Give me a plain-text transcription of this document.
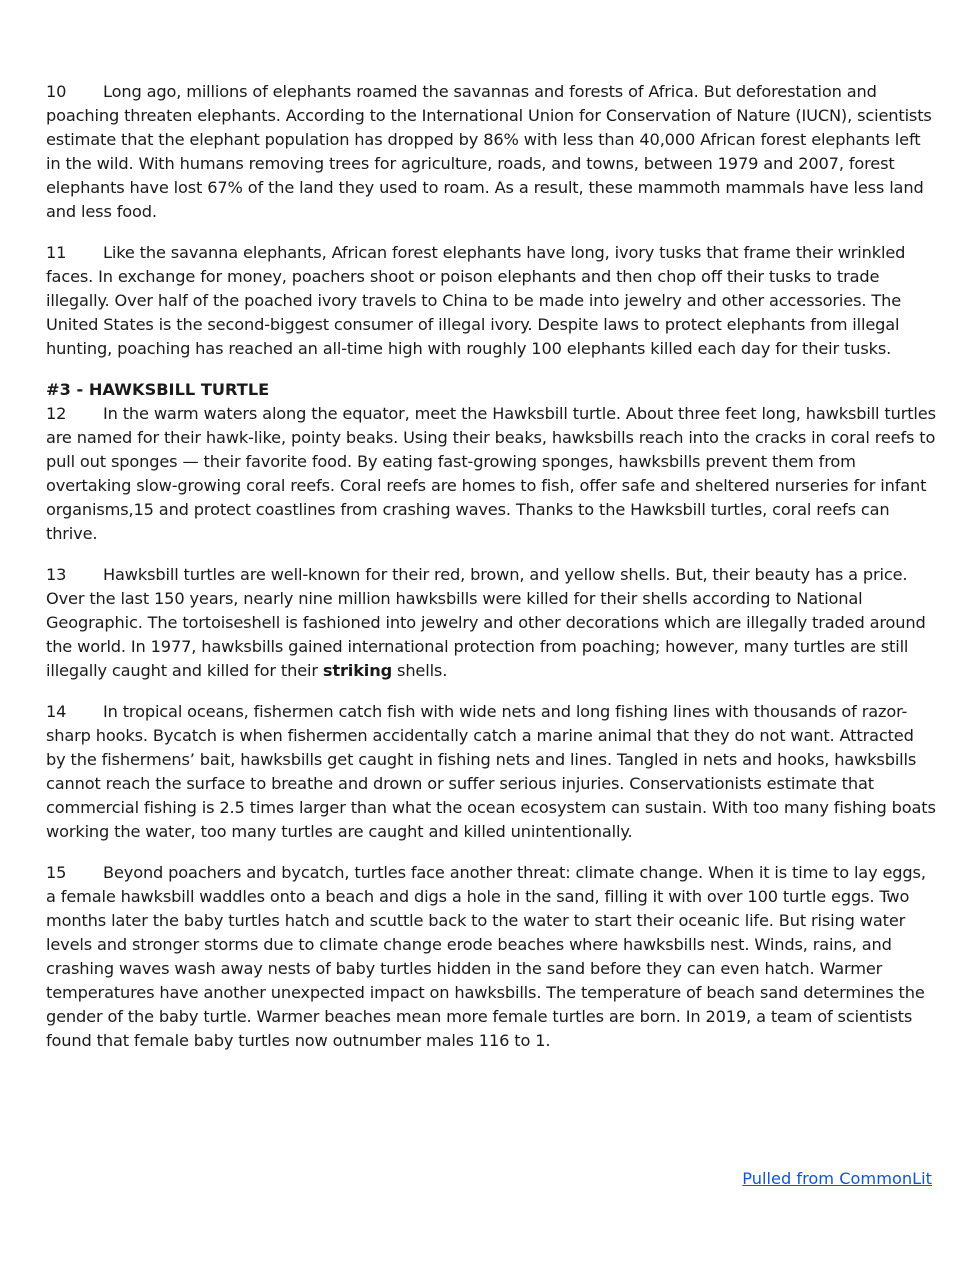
10 Long ago, millions of elephants roamed the savannas and forests of Africa. But deforestation and poaching threaten elephants. According to the International Union for Conservation of Nature (IUCN), scientists estimate that the elephant population has dropped by 86% with less than 40,000 African forest elephants left in the wild. With humans removing trees for agriculture, roads, and towns, between 1979 and 2007, forest elephants have lost 67% of the land they used to roam. As a result, these mammoth mammals have less land and less food.

11 Like the savanna elephants, African forest elephants have long, ivory tusks that frame their wrinkled faces. In exchange for money, poachers shoot or poison elephants and then chop off their tusks to trade illegally. Over half of the poached ivory travels to China to be made into jewelry and other accessories. The United States is the second-biggest consumer of illegal ivory. Despite laws to protect elephants from illegal hunting, poaching has reached an all-time high with roughly 100 elephants killed each day for their tusks.

#3 - HAWKSBILL TURTLE

12 In the warm waters along the equator, meet the Hawksbill turtle. About three feet long, hawksbill turtles are named for their hawk-like, pointy beaks. Using their beaks, hawksbills reach into the cracks in coral reefs to pull out sponges — their favorite food. By eating fast-growing sponges, hawksbills prevent them from overtaking slow-growing coral reefs. Coral reefs are homes to fish, offer safe and sheltered nurseries for infant organisms,15 and protect coastlines from crashing waves. Thanks to the Hawksbill turtles, coral reefs can thrive.

13 Hawksbill turtles are well-known for their red, brown, and yellow shells. But, their beauty has a price. Over the last 150 years, nearly nine million hawksbills were killed for their shells according to National Geographic. The tortoiseshell is fashioned into jewelry and other decorations which are illegally traded around the world. In 1977, hawksbills gained international protection from poaching; however, many turtles are still illegally caught and killed for their striking shells.

14 In tropical oceans, fishermen catch fish with wide nets and long fishing lines with thousands of razor-sharp hooks. Bycatch is when fishermen accidentally catch a marine animal that they do not want. Attracted by the fishermens’ bait, hawksbills get caught in fishing nets and lines. Tangled in nets and hooks, hawksbills cannot reach the surface to breathe and drown or suffer serious injuries. Conservationists estimate that commercial fishing is 2.5 times larger than what the ocean ecosystem can sustain. With too many fishing boats working the water, too many turtles are caught and killed unintentionally.

15 Beyond poachers and bycatch, turtles face another threat: climate change. When it is time to lay eggs, a female hawksbill waddles onto a beach and digs a hole in the sand, filling it with over 100 turtle eggs. Two months later the baby turtles hatch and scuttle back to the water to start their oceanic life. But rising water levels and stronger storms due to climate change erode beaches where hawksbills nest. Winds, rains, and crashing waves wash away nests of baby turtles hidden in the sand before they can even hatch. Warmer temperatures have another unexpected impact on hawksbills. The temperature of beach sand determines the gender of the baby turtle. Warmer beaches mean more female turtles are born. In 2019, a team of scientists found that female baby turtles now outnumber males 116 to 1.

Pulled from CommonLit
